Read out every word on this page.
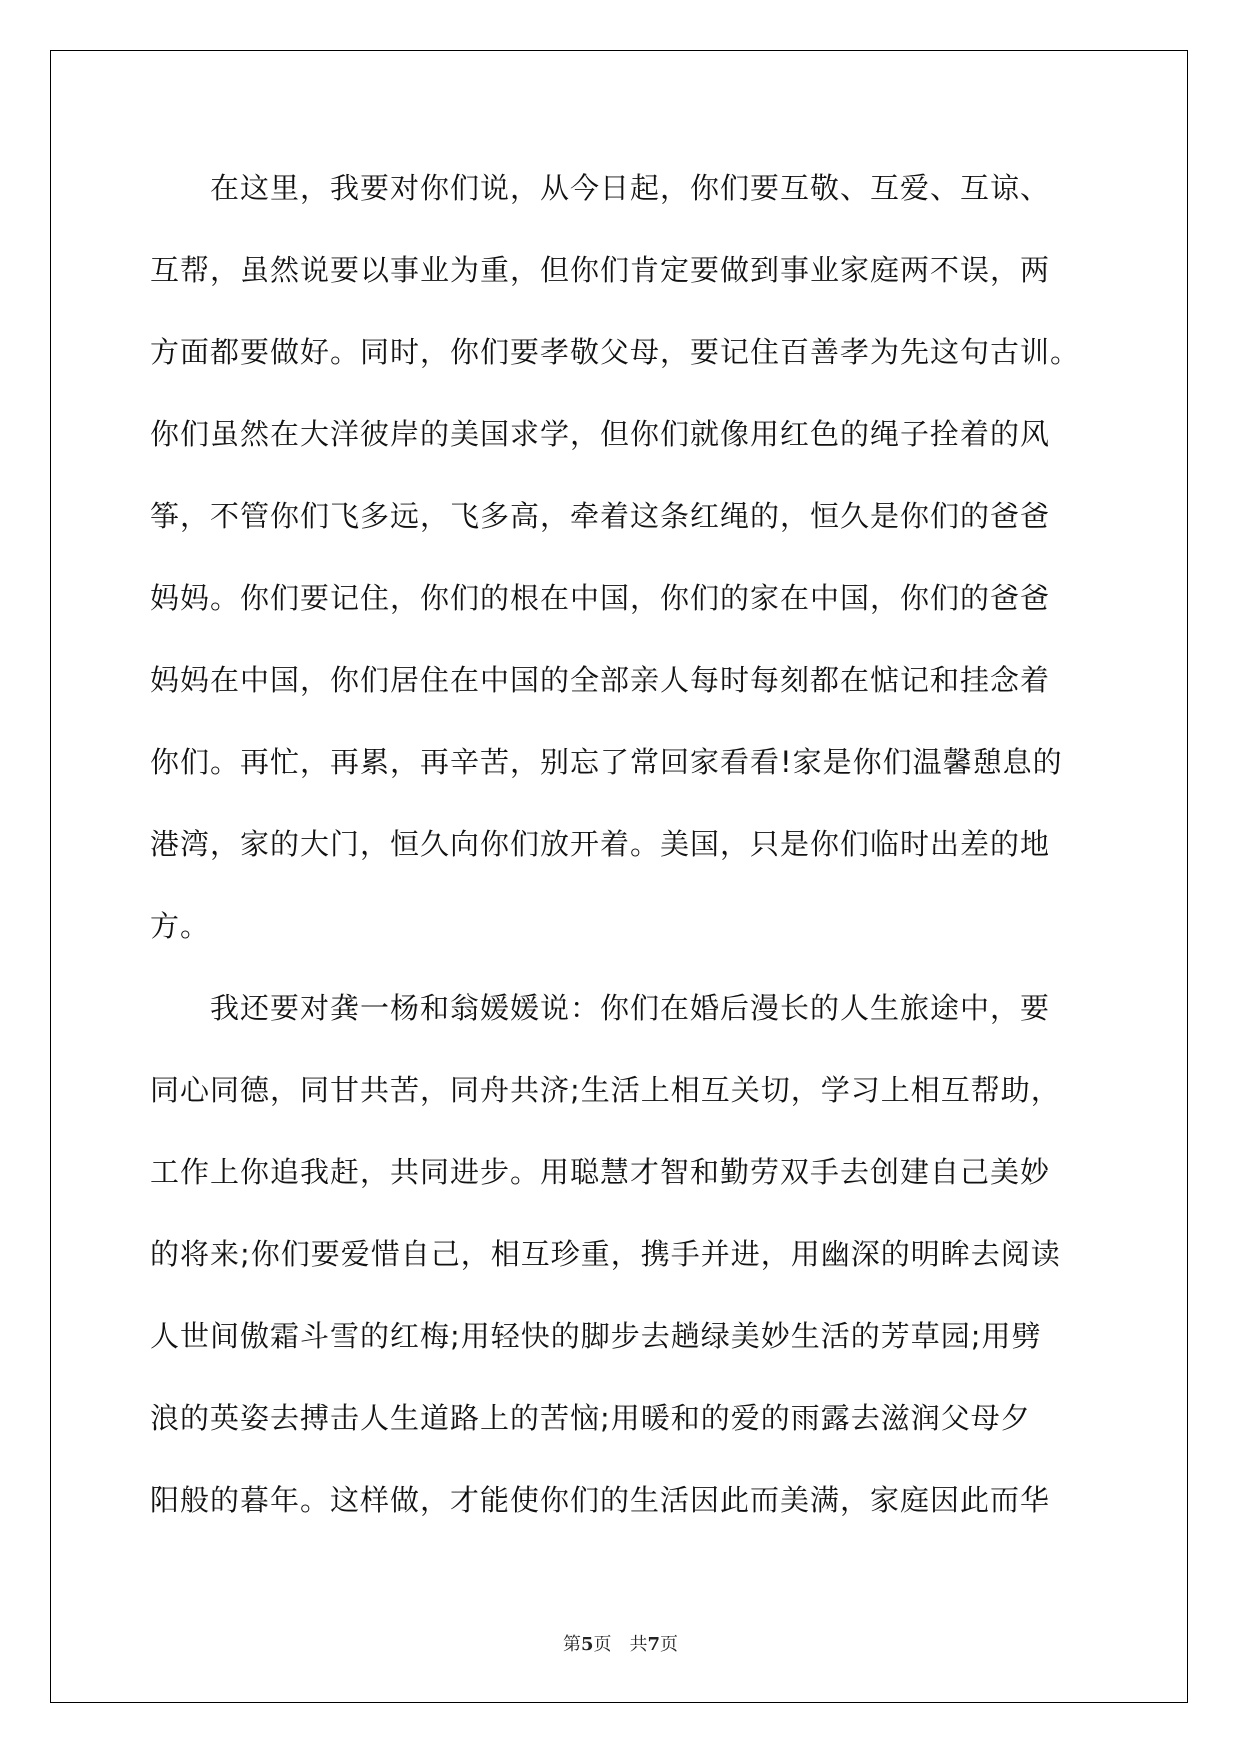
　　在这里，我要对你们说，从今日起，你们要互敬、互爱、互谅、
互帮，虽然说要以事业为重，但你们肯定要做到事业家庭两不误，两
方面都要做好。同时，你们要孝敬父母，要记住百善孝为先这句古训。
你们虽然在大洋彼岸的美国求学，但你们就像用红色的绳子拴着的风
筝，不管你们飞多远，飞多高，牵着这条红绳的，恒久是你们的爸爸
妈妈。你们要记住，你们的根在中国，你们的家在中国，你们的爸爸
妈妈在中国，你们居住在中国的全部亲人每时每刻都在惦记和挂念着
你们。再忙，再累，再辛苦，别忘了常回家看看!家是你们温馨憩息的
港湾，家的大门，恒久向你们放开着。美国，只是你们临时出差的地
方。
　　我还要对龚一杨和翁媛媛说：你们在婚后漫长的人生旅途中，要
同心同德，同甘共苦，同舟共济;生活上相互关切，学习上相互帮助，
工作上你追我赶，共同进步。用聪慧才智和勤劳双手去创建自己美妙
的将来;你们要爱惜自己，相互珍重，携手并进，用幽深的明眸去阅读
人世间傲霜斗雪的红梅;用轻快的脚步去趟绿美妙生活的芳草园;用劈
浪的英姿去搏击人生道路上的苦恼;用暖和的爱的雨露去滋润父母夕
阳般的暮年。这样做，才能使你们的生活因此而美满，家庭因此而华
第5页　共7页
